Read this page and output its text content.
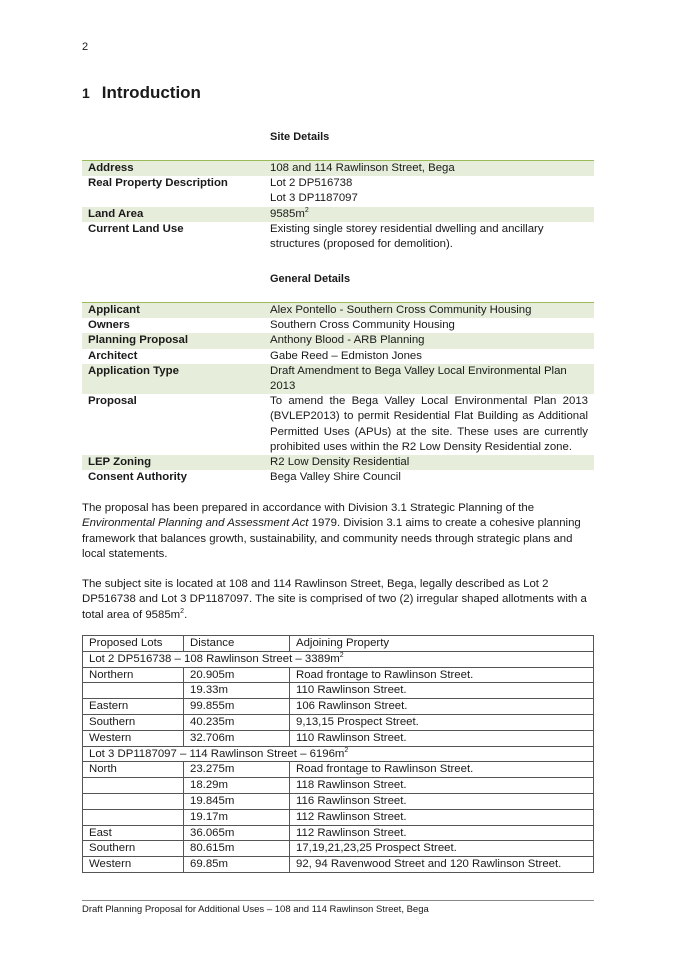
2
1 Introduction
Site Details
Address	108 and 114 Rawlinson Street, Bega
Real Property Description	Lot 2 DP516738
Lot 3 DP1187097

Land Area	$9585m^2$
Current Land Use	Existing single storey residential dwelling and ancillary structures (proposed for demolition).
General Details
Applicant	Alex Pontello - Southern Cross Community Housing
Owners	Southern Cross Community Housing
Planning Proposal	Anthony Blood - ARB Planning
Architect	Gabe Reed – Edmiston Jones
Application Type	Draft Amendment to Bega Valley Local Environmental Plan 2013
Proposal	To amend the Bega Valley Local Environmental Plan 2013 (BVLEP2013) to permit Residential Flat Building as Additional Permitted Uses (APUs) at the site. These uses are currently prohibited uses within the R2 Low Density Residential zone.
LEP Zoning	R2 Low Density Residential
Consent Authority	Bega Valley Shire Council
The proposal has been prepared in accordance with Division 3.1 Strategic Planning of the Environmental Planning and Assessment Act 1979. Division 3.1 aims to create a cohesive planning framework that balances growth, sustainability, and community needs through strategic plans and local statements.
The subject site is located at 108 and 114 Rawlinson Street, Bega, legally described as Lot 2 DP516738 and Lot 3 DP1187097. The site is comprised of two (2) irregular shaped allotments with a total area of $9585m^2$.
Proposed Lots	Distance	Adjoining Property
Lot 2 DP516738 – 108 Rawlinson Street – $3389m^2$
Northern	20.905m	Road frontage to Rawlinson Street.
	19.33m	110 Rawlinson Street.
Eastern	99.855m	106 Rawlinson Street.
Southern	40.235m	9,13,15 Prospect Street.
Western	32.706m	110 Rawlinson Street.
Lot 3 DP1187097 – 114 Rawlinson Street – $6196m^2$
North	23.275m	Road frontage to Rawlinson Street.
	18.29m	118 Rawlinson Street.
	19.845m	116 Rawlinson Street.
	19.17m	112 Rawlinson Street.
East	36.065m	112 Rawlinson Street.
Southern	80.615m	17,19,21,23,25 Prospect Street.
Western	69.85m	92, 94 Ravenwood Street and 120 Rawlinson Street.
Draft Planning Proposal for Additional Uses – 108 and 114 Rawlinson Street, Bega
